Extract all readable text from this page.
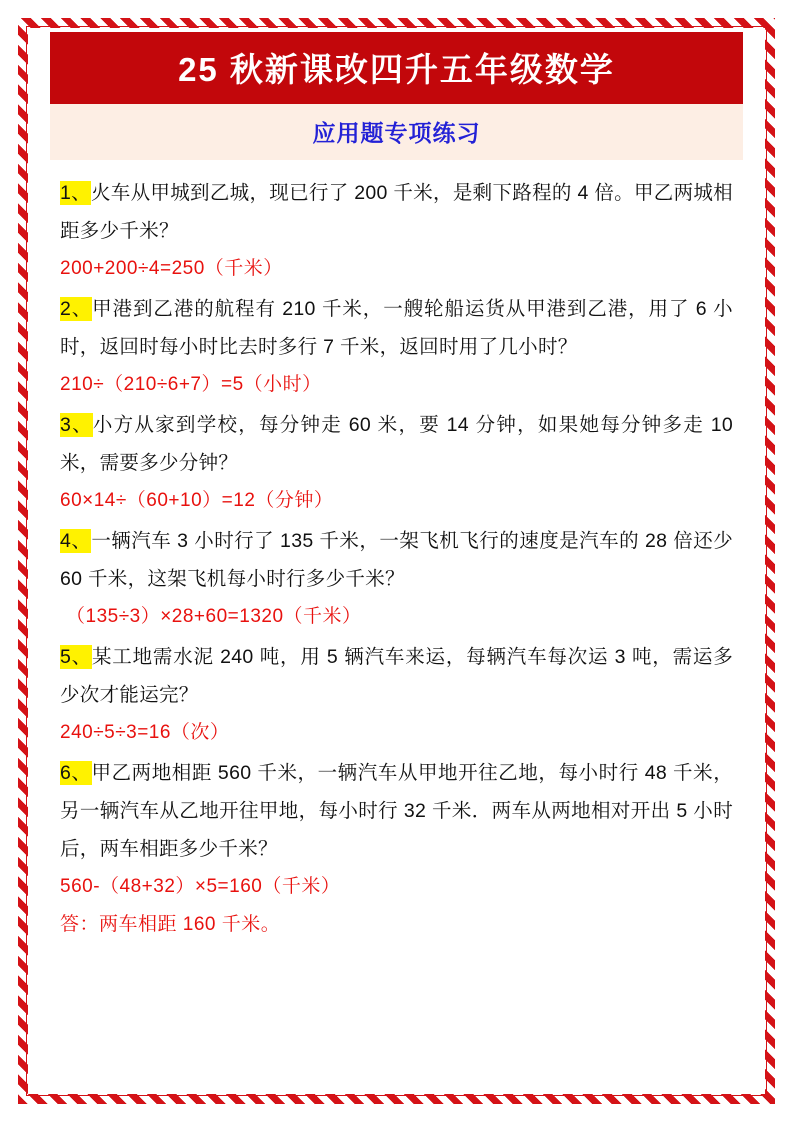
25 秋新课改四升五年级数学
应用题专项练习
1、火车从甲城到乙城，现已行了 200 千米，是剩下路程的 4 倍。甲乙两城相距多少千米？
200+200÷4=250（千米）
2、甲港到乙港的航程有 210 千米，一艘轮船运货从甲港到乙港，用了 6 小时，返回时每小时比去时多行 7 千米，返回时用了几小时？
210÷（210÷6+7）=5（小时）
3、小方从家到学校，每分钟走 60 米，要 14 分钟，如果她每分钟多走 10 米，需要多少分钟？
60×14÷（60+10）=12（分钟）
4、一辆汽车 3 小时行了 135 千米，一架飞机飞行的速度是汽车的 28 倍还少 60 千米，这架飞机每小时行多少千米？
（135÷3）×28+60=1320（千米）
5、某工地需水泥 240 吨，用 5 辆汽车来运，每辆汽车每次运 3 吨，需运多少次才能运完？
240÷5÷3=16（次）
6、甲乙两地相距 560 千米，一辆汽车从甲地开往乙地，每小时行 48 千米，另一辆汽车从乙地开往甲地，每小时行 32 千米．两车从两地相对开出 5 小时后，两车相距多少千米？
560-（48+32）×5=160（千米）
答：两车相距 160 千米。
